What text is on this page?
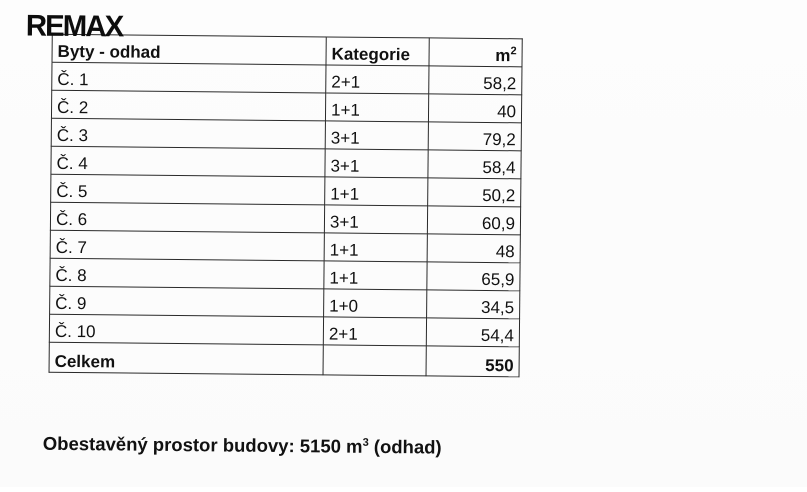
REMAX
Byty - odhad	Kategorie	$m^2$
Č. 1	2+1	58,2
Č. 2	1+1	40
Č. 3	3+1	79,2
Č. 4	3+1	58,4
Č. 5	1+1	50,2
Č. 6	3+1	60,9
Č. 7	1+1	48
Č. 8	1+1	65,9
Č. 9	1+0	34,5
Č. 10	2+1	54,4
Celkem		550
Obestavěný prostor budovy: 5150 $m^3$ (odhad)
